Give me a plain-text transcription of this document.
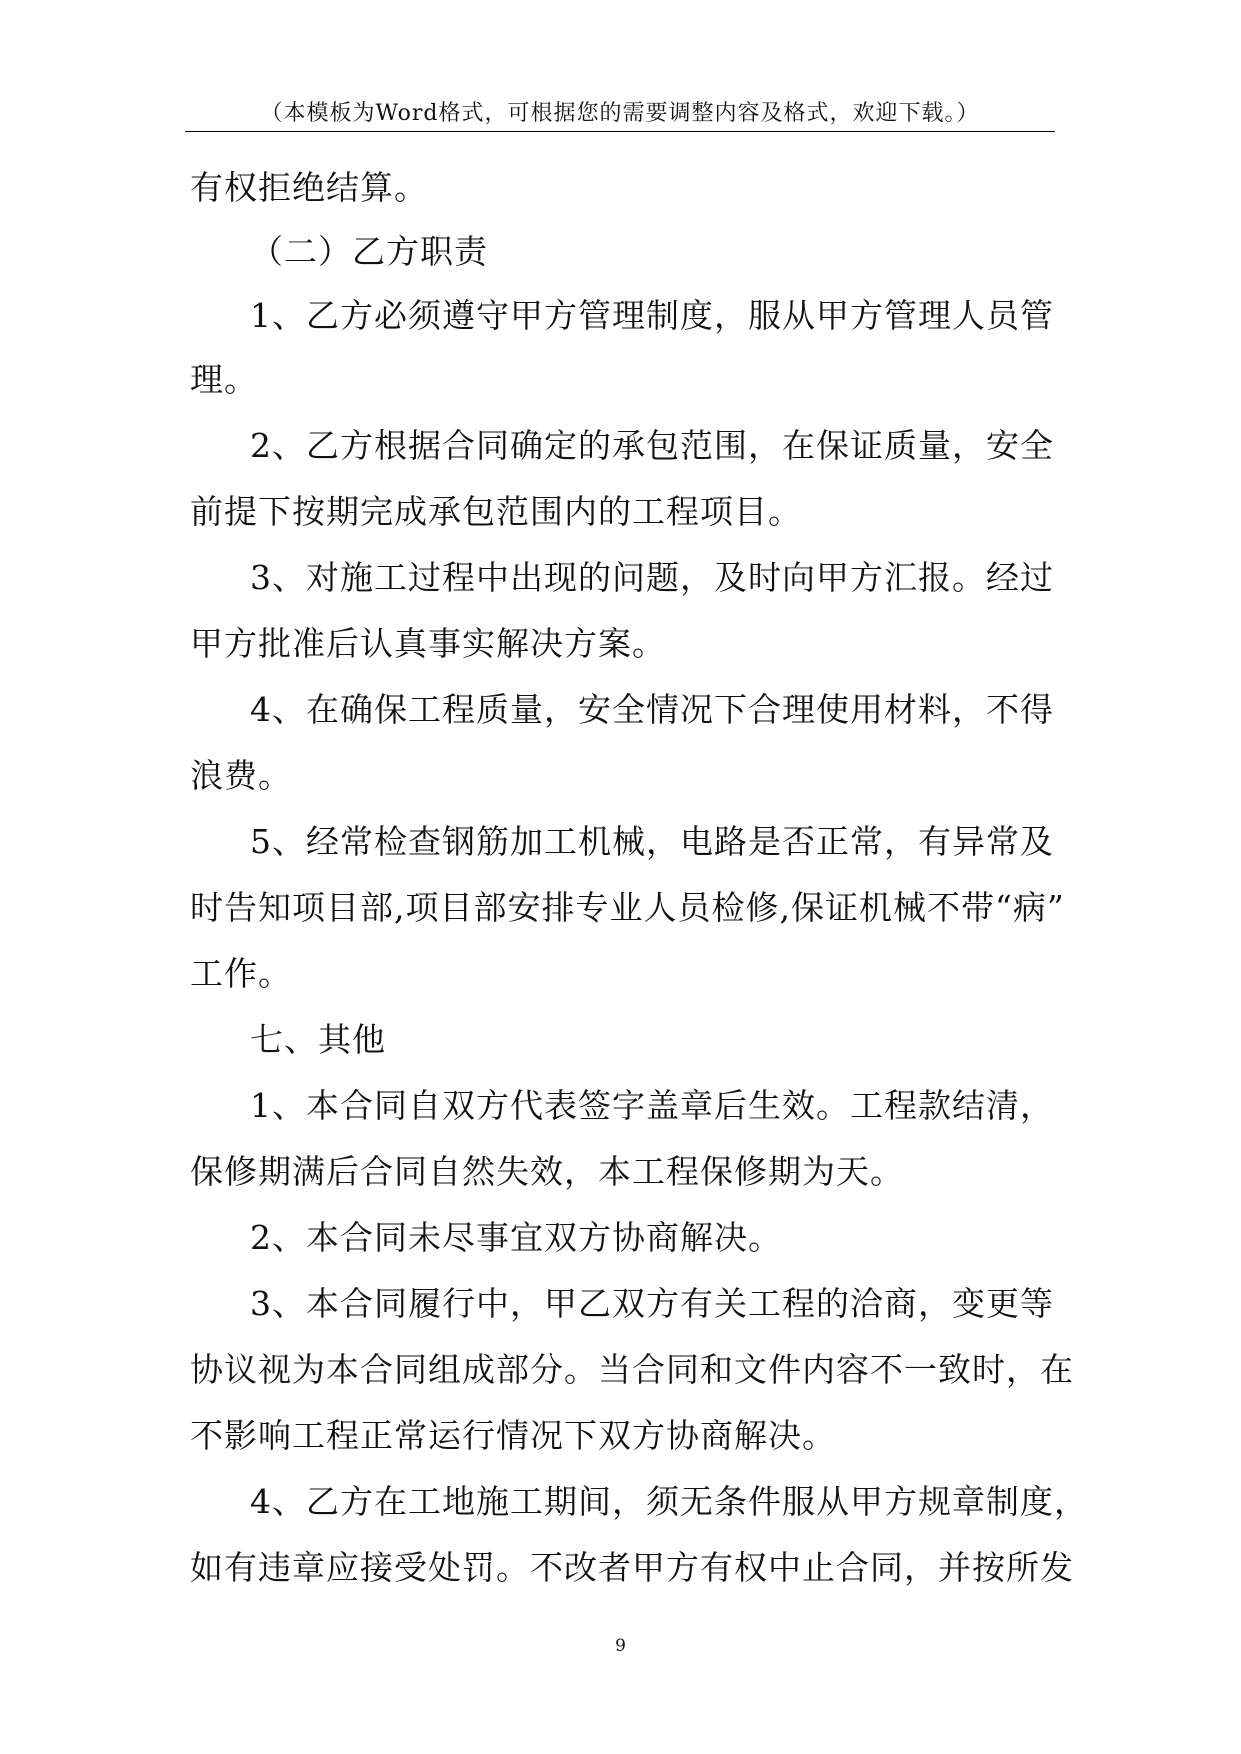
（本模板为Word格式，可根据您的需要调整内容及格式，欢迎下载。）

有权拒绝结算。

（二）乙方职责

1、乙方必须遵守甲方管理制度，服从甲方管理人员管

理。

2、乙方根据合同确定的承包范围，在保证质量，安全

前提下按期完成承包范围内的工程项目。

3、对施工过程中出现的问题，及时向甲方汇报。经过

甲方批准后认真事实解决方案。

4、在确保工程质量，安全情况下合理使用材料，不得

浪费。

5、经常检查钢筋加工机械，电路是否正常，有异常及

时告知项目部,项目部安排专业人员检修,保证机械不带“病”

工作。

七、其他

1、本合同自双方代表签字盖章后生效。工程款结清，

保修期满后合同自然失效，本工程保修期为天。

2、本合同未尽事宜双方协商解决。

3、本合同履行中，甲乙双方有关工程的洽商，变更等

协议视为本合同组成部分。当合同和文件内容不一致时，在

不影响工程正常运行情况下双方协商解决。

4、乙方在工地施工期间，须无条件服从甲方规章制度，

如有违章应接受处罚。不改者甲方有权中止合同，并按所发

9
